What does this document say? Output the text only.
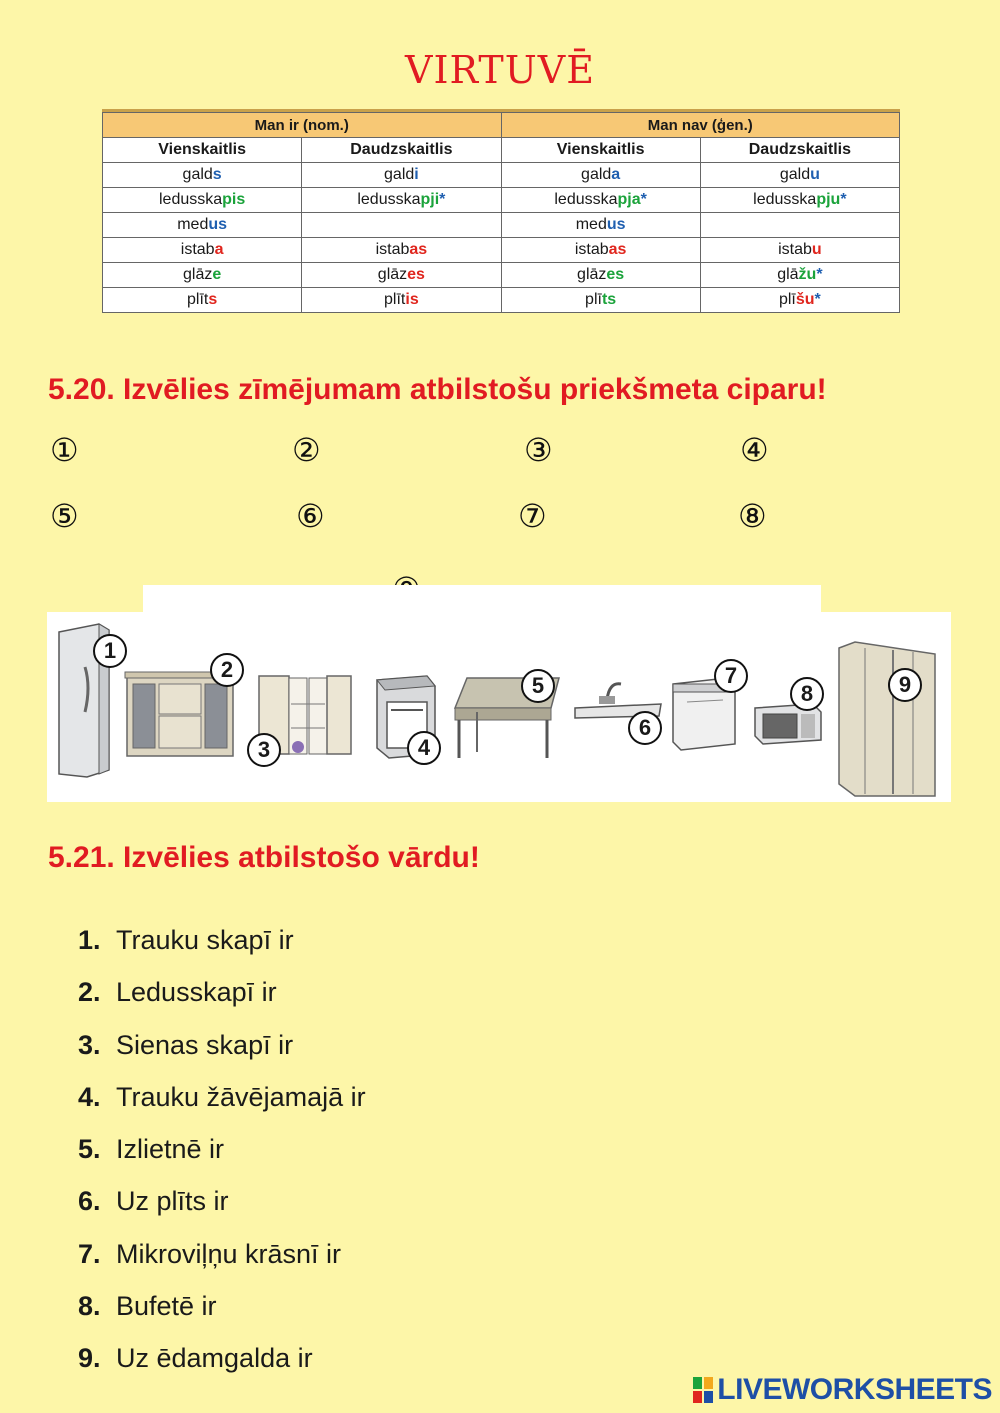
VIRTUVĒ
Man ir (nom.)		Man nav (ģen.)	
Vienskaitlis	Daudzskaitlis	Vienskaitlis	Daudzskaitlis
galds	galdi	galda	galdu
ledusskapis	ledusskapji*	ledusskapja*	ledusskapju*
medus		medus	
istaba	istabas	istabas	istabu
glāze	glāzes	glāzes	glāžu*
plīts	plītis	plīts	plīšu*
5.20. Izvēlies zīmējumam atbilstošu priekšmeta ciparu!
①	②	③	④
⑤	⑥	⑦	⑧
1
2
3	4
5
6
7
8	9
5.21. Izvēlies atbilstošo vārdu!
1. Trauku skapī ir
2. Ledusskapī ir
3. Sienas skapī ir
4. Trauku žāvējamajā ir
5. Izlietnē ir
6. Uz plīts ir
7. Mikroviļņu krāsnī ir
8. Bufetē ir
9. Uz ēdamgalda ir
LIVEWORKSHEETS
